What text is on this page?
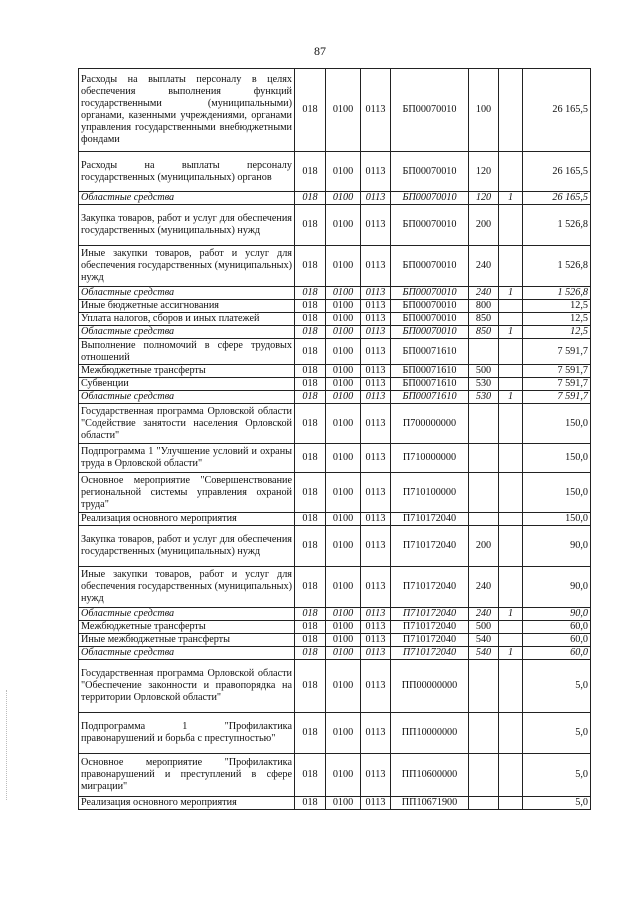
87
Расходы на выплаты персоналу в целях обеспечения выполнения функций государственными (муниципальными) органами, казенными учреждениями, органами управления государственными внебюджетными фондами	018	0100	0113	БП00070010	100		26 165,5
Расходы на выплаты персоналу государственных (муниципальных) органов	018	0100	0113	БП00070010	120		26 165,5
Областные средства	018	0100	0113	БП00070010	120	1	26 165,5
Закупка товаров, работ и услуг для обеспечения государственных (муниципальных) нужд	018	0100	0113	БП00070010	200		1 526,8
Иные закупки товаров, работ и услуг для обеспечения государственных (муниципальных) нужд	018	0100	0113	БП00070010	240		1 526,8
Областные средства	018	0100	0113	БП00070010	240	1	1 526,8
Иные бюджетные ассигнования	018	0100	0113	БП00070010	800		12,5
Уплата налогов, сборов и иных платежей	018	0100	0113	БП00070010	850		12,5
Областные средства	018	0100	0113	БП00070010	850	1	12,5
Выполнение полномочий в сфере трудовых отношений	018	0100	0113	БП00071610			7 591,7
Межбюджетные трансферты	018	0100	0113	БП00071610	500		7 591,7
Субвенции	018	0100	0113	БП00071610	530		7 591,7
Областные средства	018	0100	0113	БП00071610	530	1	7 591,7
Государственная программа Орловской области "Содействие занятости населения Орловской области"	018	0100	0113	П700000000			150,0
Подпрограмма 1 "Улучшение условий и охраны труда в Орловской области"	018	0100	0113	П710000000			150,0
Основное мероприятие "Совершенствование региональной системы управления охраной труда"	018	0100	0113	П710100000			150,0
Реализация основного мероприятия	018	0100	0113	П710172040			150,0
Закупка товаров, работ и услуг для обеспечения государственных (муниципальных) нужд	018	0100	0113	П710172040	200		90,0
Иные закупки товаров, работ и услуг для обеспечения государственных (муниципальных) нужд	018	0100	0113	П710172040	240		90,0
Областные средства	018	0100	0113	П710172040	240	1	90,0
Межбюджетные трансферты	018	0100	0113	П710172040	500		60,0
Иные межбюджетные трансферты	018	0100	0113	П710172040	540		60,0
Областные средства	018	0100	0113	П710172040	540	1	60,0
Государственная программа Орловской области "Обеспечение законности и правопорядка на территории Орловской области"	018	0100	0113	ПП00000000			5,0
Подпрограмма 1 "Профилактика правонарушений и борьба с преступностью"	018	0100	0113	ПП10000000			5,0
Основное мероприятие "Профилактика правонарушений и преступлений в сфере миграции"	018	0100	0113	ПП10600000			5,0
Реализация основного мероприятия	018	0100	0113	ПП10671900			5,0
